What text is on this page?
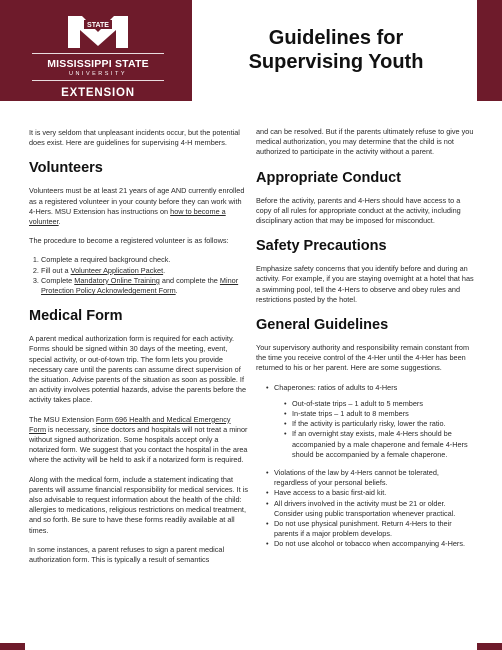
STATE
MISSISSIPPI STATE
UNIVERSITY
EXTENSION
Guidelines for
Supervising Youth

It is very seldom that unpleasant incidents occur, but the potential does exist. Here are guidelines for supervising 4-H members.

Volunteers

Volunteers must be at least 21 years of age AND currently enrolled as a registered volunteer in your county before they can work with 4-Hers. MSU Extension has instructions on how to become a volunteer.

The procedure to become a registered volunteer is as follows:

1. Complete a required background check.
2. Fill out a Volunteer Application Packet.
3. Complete Mandatory Online Training and complete the Minor Protection Policy Acknowledgement Form.
Medical Form

A parent medical authorization form is required for each activity. Forms should be signed within 30 days of the meeting, event, special activity, or out-of-town trip. The form lets you provide necessary care until the parents can assume direct supervision of the situation. Advise parents of the situation as soon as possible. If an activity involves potential hazards, advise the parents before the activity takes place.

The MSU Extension Form 696 Health and Medical Emergency Form is necessary, since doctors and hospitals will not treat a minor without signed authorization. Some hospitals accept only a notarized form. We suggest that you contact the hospital in the area where the activity will be held to ask if a notarized form is required.

Along with the medical form, include a statement indicating that parents will assume financial responsibility for medical services. It is also advisable to request information about the health of the child: allergies to medications, religious restrictions on medical treatment, and so forth. Be sure to have these forms readily available at all times.

In some instances, a parent refuses to sign a parent medical authorization form. This is typically a result of semantics

and can be resolved. But if the parents ultimately refuse to give you medical authorization, you may determine that the child is not authorized to participate in the activity without a parent.

Appropriate Conduct

Before the activity, parents and 4-Hers should have access to a copy of all rules for appropriate conduct at the activity, including disciplinary action that may be imposed for misconduct.

Safety Precautions

Emphasize safety concerns that you identify before and during an activity. For example, if you are staying overnight at a hotel that has a swimming pool, tell the 4-Hers to observe and obey rules and restrictions posted by the hotel.

General Guidelines

Your supervisory authority and responsibility remain constant from the time you receive control of the 4-Her until the 4-Her has been returned to his or her parent. Here are some suggestions.

• Chaperones: ratios of adults to 4-Hers
• Out-of-state trips – 1 adult to 5 members
• In-state trips – 1 adult to 8 members
• If the activity is particularly risky, lower the ratio.
• If an overnight stay exists, male 4-Hers should be accompanied by a male chaperone and female 4-Hers should be accompanied by a female chaperone.
• Violations of the law by 4-Hers cannot be tolerated, regardless of your personal beliefs.
• Have access to a basic first-aid kit.
• All drivers involved in the activity must be 21 or older. Consider using public transportation whenever practical.
• Do not use physical punishment. Return 4-Hers to their parents if a major problem develops.
• Do not use alcohol or tobacco when accompanying 4-Hers.
